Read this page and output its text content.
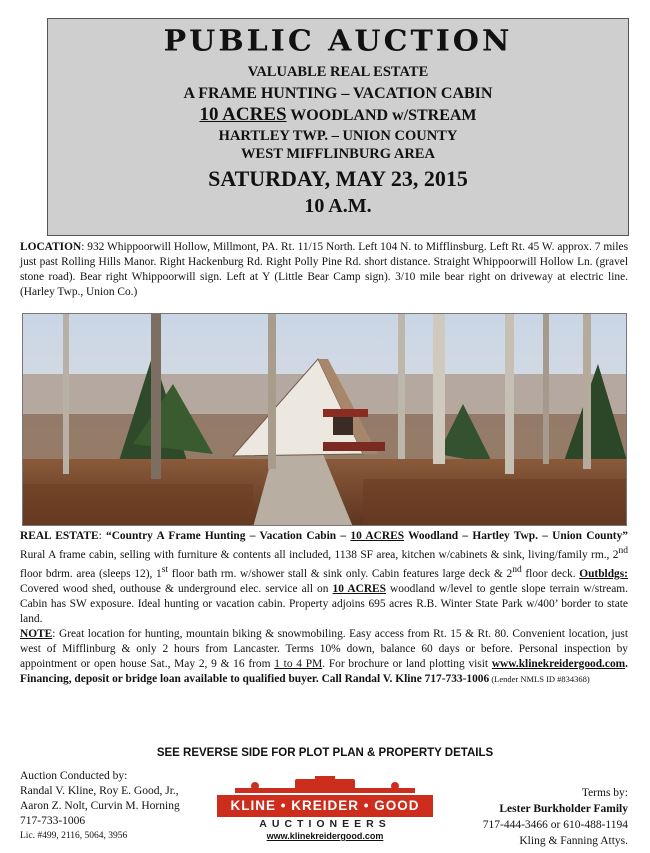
PUBLIC AUCTION
VALUABLE REAL ESTATE
A FRAME HUNTING – VACATION CABIN
10 ACRES WOODLAND w/STREAM
HARTLEY TWP. – UNION COUNTY
WEST MIFFLINBURG AREA
SATURDAY, MAY 23, 2015
10 A.M.
LOCATION: 932 Whippoorwill Hollow, Millmont, PA. Rt. 11/15 North. Left 104 N. to Mifflinsburg. Left Rt. 45 W. approx. 7 miles just past Rolling Hills Manor. Right Hackenburg Rd. Right Polly Pine Rd. short distance. Straight Whippoorwill Hollow Ln. (gravel stone road). Bear right Whippoorwill sign. Left at Y (Little Bear Camp sign). 3/10 mile bear right on driveway at electric line. (Harley Twp., Union Co.)
REAL ESTATE: “Country A Frame Hunting – Vacation Cabin – 10 ACRES Woodland – Hartley Twp. – Union County” Rural A frame cabin, selling with furniture & contents all included, 1138 SF area, kitchen w/cabinets & sink, living/family rm., 2nd floor bdrm. area (sleeps 12), 1st floor bath rm. w/shower stall & sink only. Cabin features large deck & 2nd floor deck. Outbldgs: Covered wood shed, outhouse & underground elec. service all on 10 ACRES woodland w/level to gentle slope terrain w/stream. Cabin has SW exposure. Ideal hunting or vacation cabin. Property adjoins 695 acres R.B. Winter State Park w/400’ border to state land.
NOTE: Great location for hunting, mountain biking & snowmobiling. Easy access from Rt. 15 & Rt. 80. Convenient location, just west of Mifflinburg & only 2 hours from Lancaster. Terms 10% down, balance 60 days or before. Personal inspection by appointment or open house Sat., May 2, 9 & 16 from 1 to 4 PM. For brochure or land plotting visit www.klinekreidergood.com. Financing, deposit or bridge loan available to qualified buyer. Call Randal V. Kline 717-733-1006 (Lender NMLS ID #834368)
SEE REVERSE SIDE FOR PLOT PLAN & PROPERTY DETAILS
Auction Conducted by:
Randal V. Kline, Roy E. Good, Jr.,
Aaron Z. Nolt, Curvin M. Horning
717-733-1006
Lic. #499, 2116, 5064, 3956
KLINE • KREIDER • GOOD
AUCTIONEERS
www.klinekreidergood.com
Terms by:
Lester Burkholder Family
717-444-3466 or 610-488-1194
Kling & Fanning Attys.
